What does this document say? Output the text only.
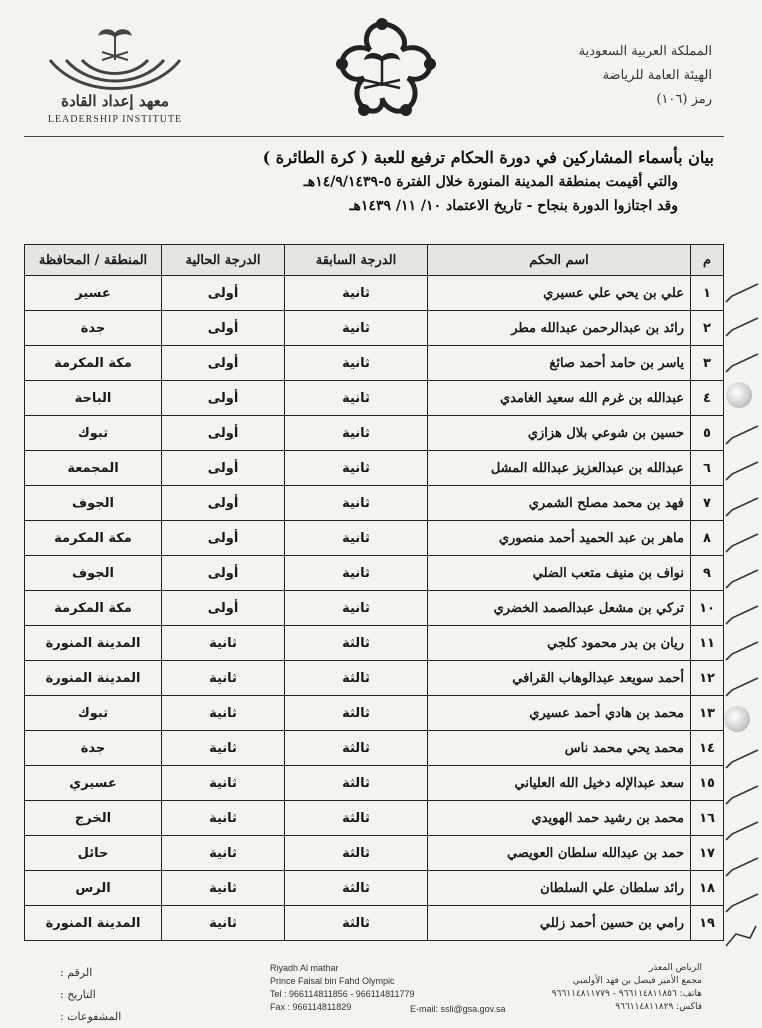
المملكة العربية السعودية
الهيئة العامة للرياضة
رمز (١٠٦)
معهد إعداد القادة
LEADERSHIP INSTITUTE
بيان بأسماء المشاركين في دورة الحكام ترفيع للعبة ( كرة الطائرة )
والتي أقيمت بمنطقة المدينة المنورة خلال الفترة ٥-١٤/٩/١٤٣٩هـ
وقد اجتازوا الدورة بنجاح - تاريخ الاعتماد ١٠/ ١١/ ١٤٣٩هـ
م	اسم الحكم	الدرجة السابقة	الدرجة الحالية	المنطقة / المحافظة
١	علي بن يحي علي عسيري	ثانية	أولى	عسير
٢	رائد بن عبدالرحمن عبدالله مطر	ثانية	أولى	جدة
٣	ياسر بن حامد أحمد صائغ	ثانية	أولى	مكة المكرمة
٤	عبدالله بن غرم الله سعيد الغامدي	ثانية	أولى	الباحة
٥	حسين بن شوعي بلال هزازي	ثانية	أولى	تبوك
٦	عبدالله بن عبدالعزيز عبدالله المشل	ثانية	أولى	المجمعة
٧	فهد بن محمد مصلح الشمري	ثانية	أولى	الجوف
٨	ماهر بن عبد الحميد أحمد منصوري	ثانية	أولى	مكة المكرمة
٩	نواف بن منيف متعب الضلي	ثانية	أولى	الجوف
١٠	تركي بن مشعل عبدالصمد الخضري	ثانية	أولى	مكة المكرمة
١١	ريان بن بدر محمود كلجي	ثالثة	ثانية	المدينة المنورة
١٢	أحمد سويعد عبدالوهاب القرافي	ثالثة	ثانية	المدينة المنورة
١٣	محمد بن هادي أحمد عسيري	ثالثة	ثانية	تبوك
١٤	محمد يحي محمد ناس	ثالثة	ثانية	جدة
١٥	سعد عبدالإله دخيل الله العلياني	ثالثة	ثانية	عسيري
١٦	محمد بن رشيد حمد الهويدي	ثالثة	ثانية	الخرج
١٧	حمد بن عبدالله سلطان العويصي	ثالثة	ثانية	حائل
١٨	رائد سلطان علي السلطان	ثالثة	ثانية	الرس
١٩	رامي بن حسين أحمد زللي	ثالثة	ثانية	المدينة المنورة
الرقم :
التاريخ :
المشفوعات :
Riyadh Al mathar
Prince Faisal bin Fahd Olympic
Tel : 966114811856 - 966114811779
Fax : 966114811829
الرياض المعذر
مجمع الأمير فيصل بن فهد الأولمبي
هاتف: ٩٦٦١١٤٨١١٨٥٦ - ٩٦٦١١٤٨١١٧٧٩
فاكس: ٩٦٦١١٤٨١١٨٢٩
E-mail: ssli@gsa.gov.sa
